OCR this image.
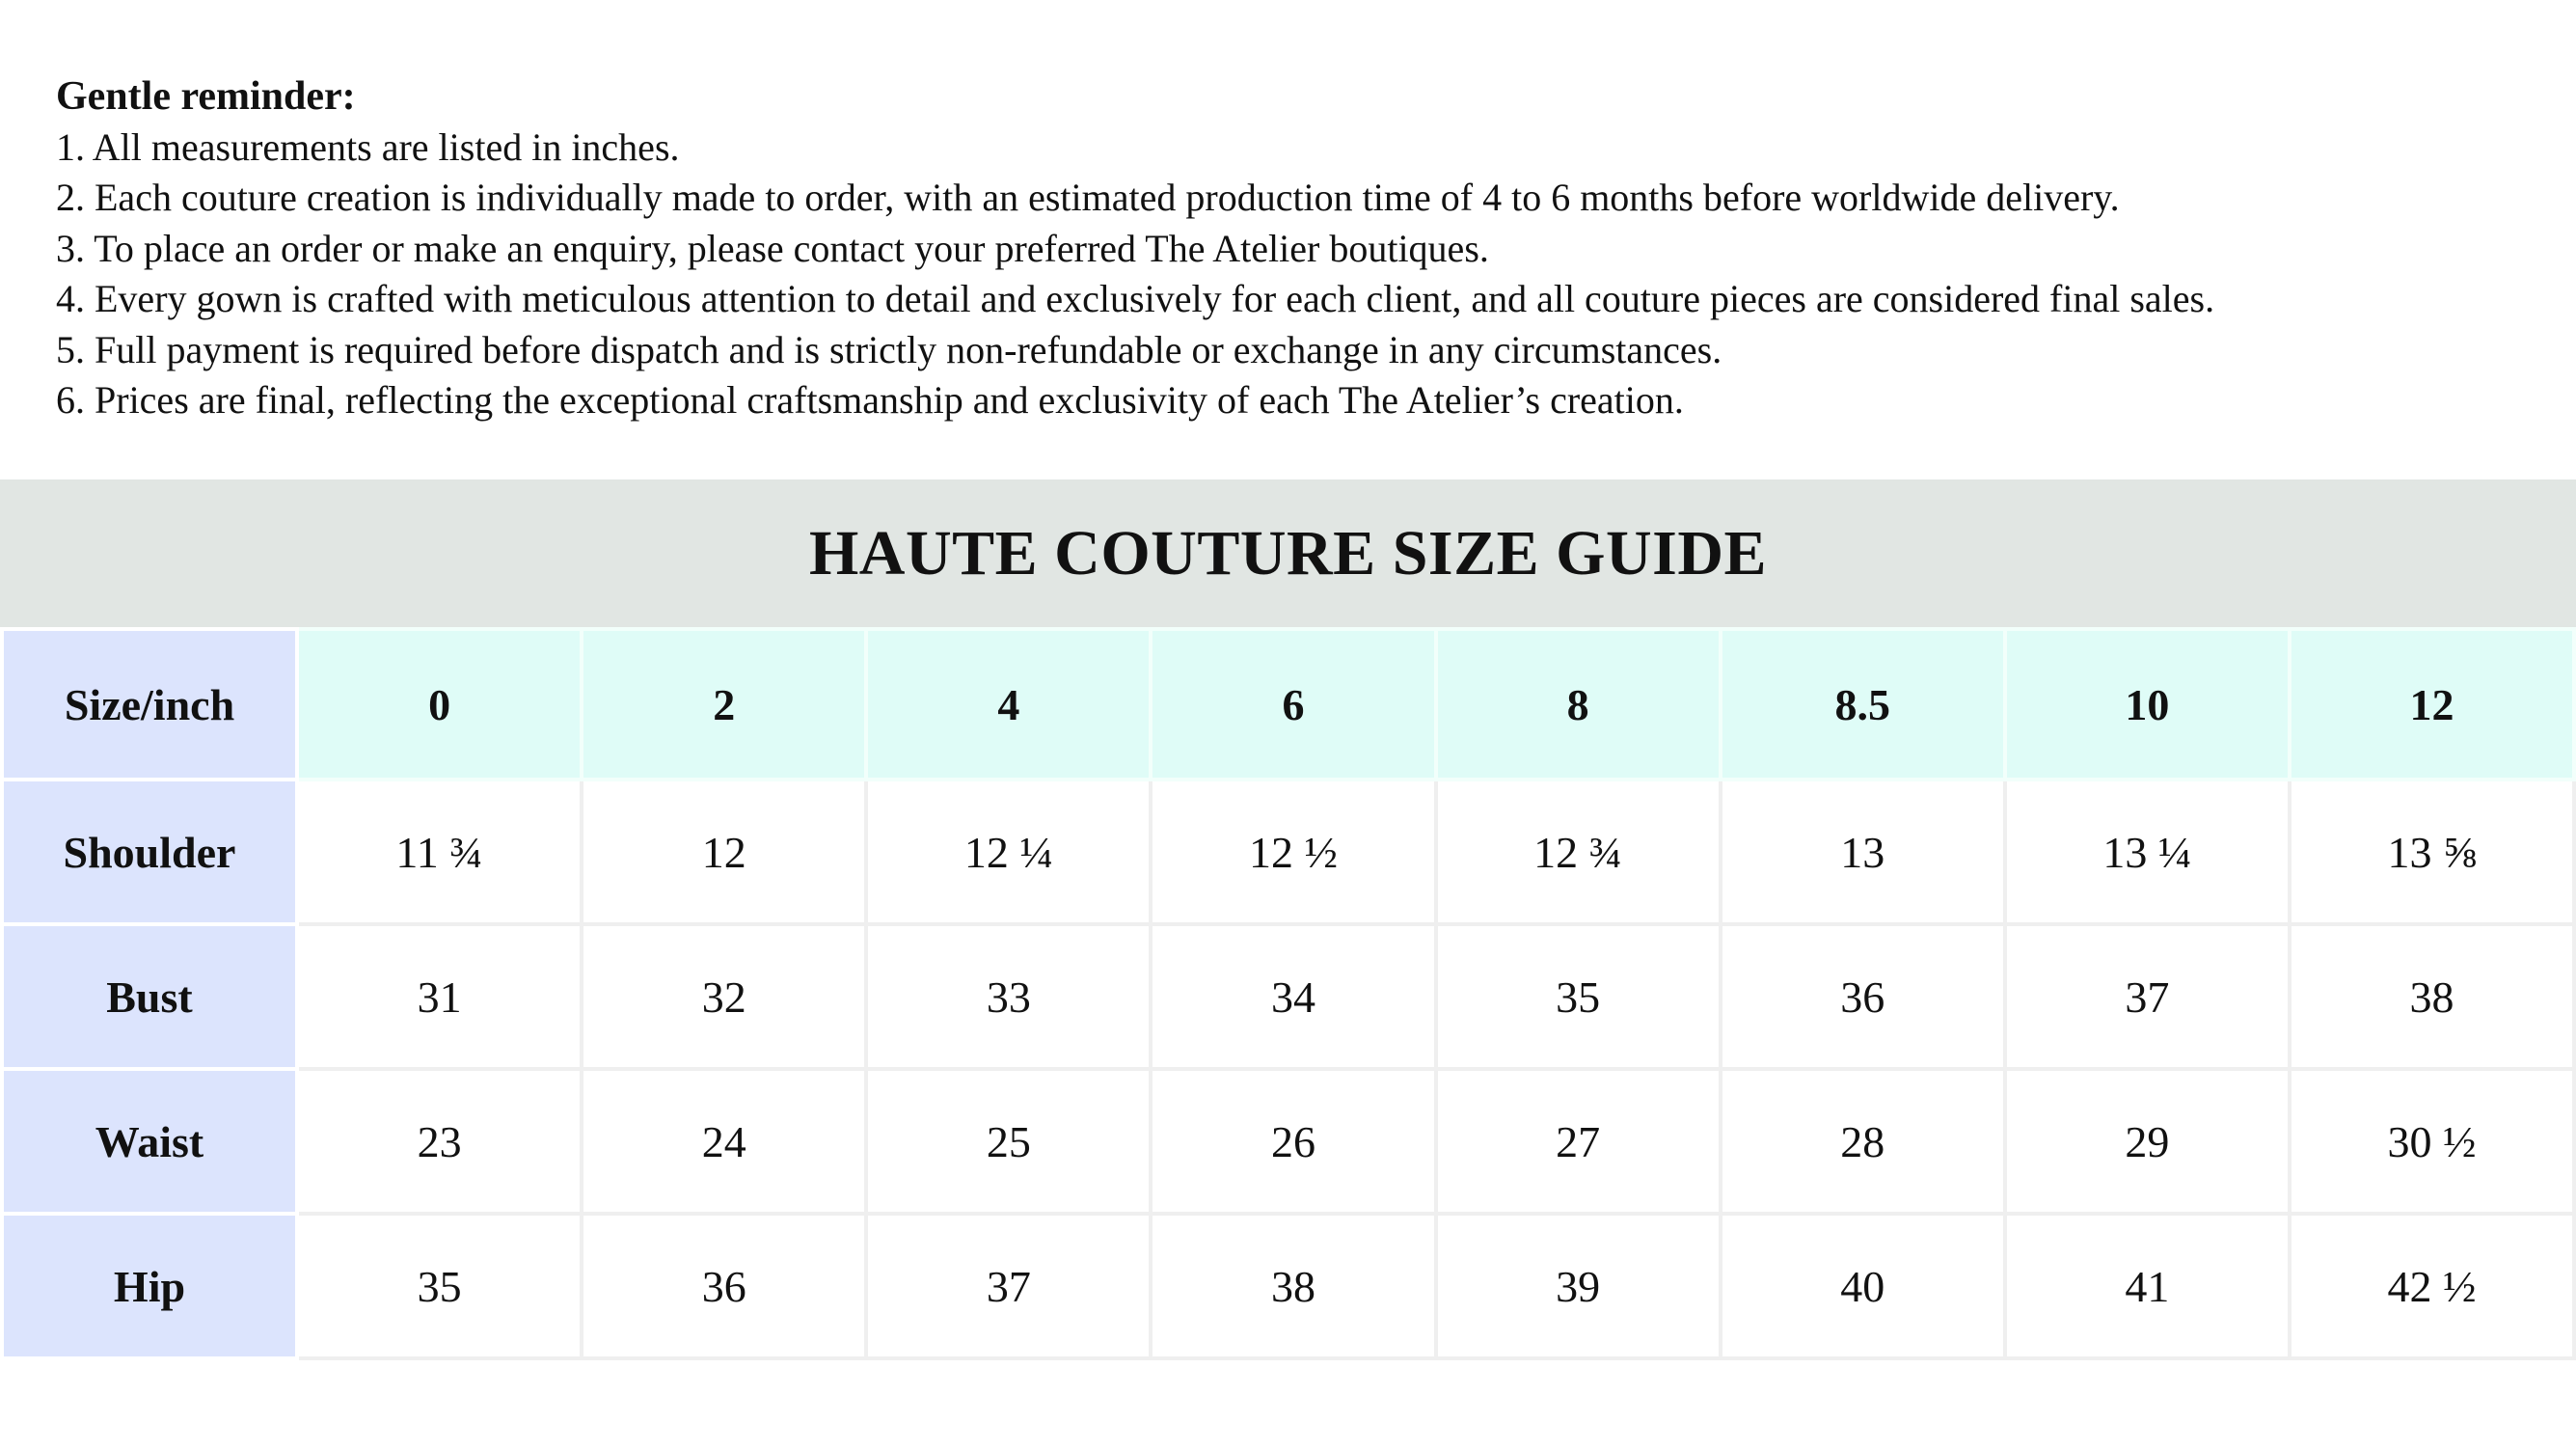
Gentle reminder:
1. All measurements are listed in inches.
2. Each couture creation is individually made to order, with an estimated production time of 4 to 6 months before worldwide delivery.
3. To place an order or make an enquiry, please contact your preferred The Atelier boutiques.
4. Every gown is crafted with meticulous attention to detail and exclusively for each client, and all couture pieces are considered final sales.
5. Full payment is required before dispatch and is strictly non-refundable or exchange in any circumstances.
6. Prices are final, reflecting the exceptional craftsmanship and exclusivity of each The Atelier’s creation.
HAUTE COUTURE SIZE GUIDE
Size/inch	0	2	4	6	8	8.5	10	12
Shoulder	11 ¾	12	12 ¼	12 ½	12 ¾	13	13 ¼	13 ⅝
Bust	31	32	33	34	35	36	37	38
Waist	23	24	25	26	27	28	29	30 ½
Hip	35	36	37	38	39	40	41	42 ½
